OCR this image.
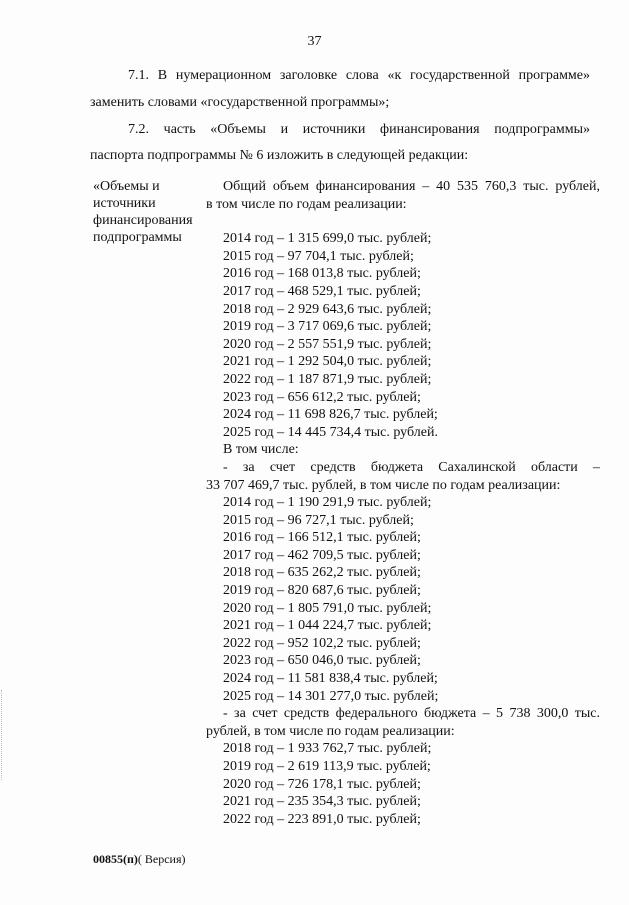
37
7.1. В нумерационном заголовке слова «к государственной программе»
заменить словами «государственной программы»;
7.2. часть «Объемы и источники финансирования подпрограммы»
паспорта подпрограммы № 6 изложить в следующей редакции:
«Объемы и
источники
финансирования
подпрограммы
Общий объем финансирования – 40 535 760,3 тыс. рублей,
в том числе по годам реализации:
2014 год – 1 315 699,0 тыс. рублей;
2015 год – 97 704,1 тыс. рублей;
2016 год – 168 013,8 тыс. рублей;
2017 год – 468 529,1 тыс. рублей;
2018 год – 2 929 643,6 тыс. рублей;
2019 год – 3 717 069,6 тыс. рублей;
2020 год – 2 557 551,9 тыс. рублей;
2021 год – 1 292 504,0 тыс. рублей;
2022 год – 1 187 871,9 тыс. рублей;
2023 год – 656 612,2 тыс. рублей;
2024 год – 11 698 826,7 тыс. рублей;
2025 год – 14 445 734,4 тыс. рублей.
В том числе:
- за счет средств бюджета Сахалинской области –
33 707 469,7 тыс. рублей, в том числе по годам реализации:
2014 год – 1 190 291,9 тыс. рублей;
2015 год – 96 727,1 тыс. рублей;
2016 год – 166 512,1 тыс. рублей;
2017 год – 462 709,5 тыс. рублей;
2018 год – 635 262,2 тыс. рублей;
2019 год – 820 687,6 тыс. рублей;
2020 год – 1 805 791,0 тыс. рублей;
2021 год – 1 044 224,7 тыс. рублей;
2022 год – 952 102,2 тыс. рублей;
2023 год – 650 046,0 тыс. рублей;
2024 год – 11 581 838,4 тыс. рублей;
2025 год – 14 301 277,0 тыс. рублей;
- за счет средств федерального бюджета – 5 738 300,0 тыс.
рублей, в том числе по годам реализации:
2018 год – 1 933 762,7 тыс. рублей;
2019 год – 2 619 113,9 тыс. рублей;
2020 год – 726 178,1 тыс. рублей;
2021 год – 235 354,3 тыс. рублей;
2022 год – 223 891,0 тыс. рублей;
00855(п)( Версия)
